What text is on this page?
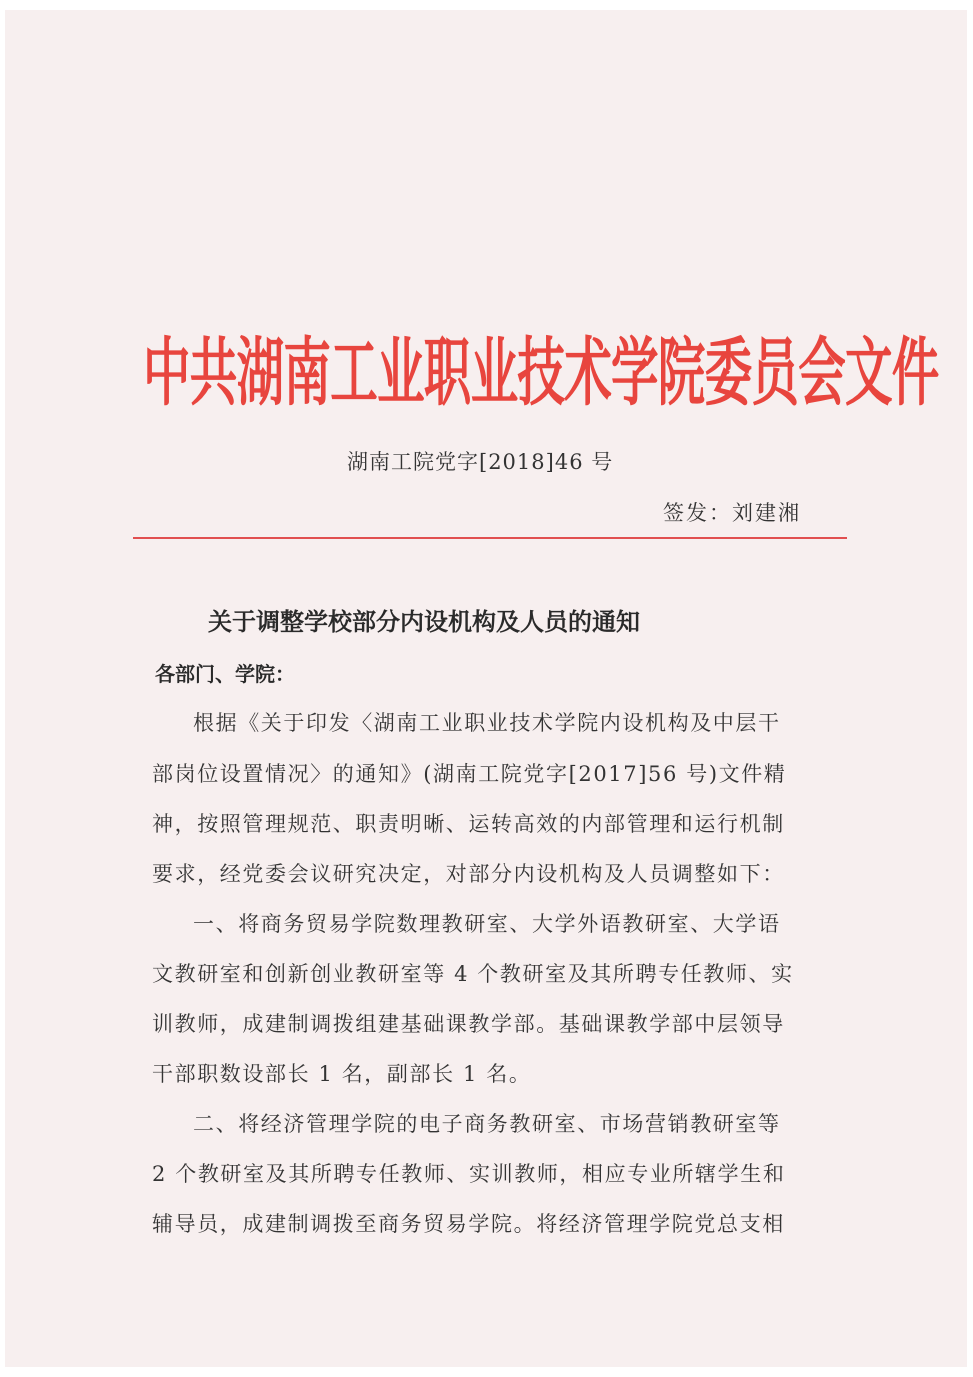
中共湖南工业职业技术学院委员会文件
湖南工院党字[2018]46 号
签发：刘建湘
关于调整学校部分内设机构及人员的通知
各部门、学院：
根据《关于印发〈湖南工业职业技术学院内设机构及中层干
部岗位设置情况〉的通知》(湖南工院党字[2017]56 号)文件精
神，按照管理规范、职责明晰、运转高效的内部管理和运行机制
要求，经党委会议研究决定，对部分内设机构及人员调整如下：
一、将商务贸易学院数理教研室、大学外语教研室、大学语
文教研室和创新创业教研室等 4 个教研室及其所聘专任教师、实
训教师，成建制调拨组建基础课教学部。基础课教学部中层领导
干部职数设部长 1 名，副部长 1 名。
二、将经济管理学院的电子商务教研室、市场营销教研室等
2 个教研室及其所聘专任教师、实训教师，相应专业所辖学生和
辅导员，成建制调拨至商务贸易学院。将经济管理学院党总支相
